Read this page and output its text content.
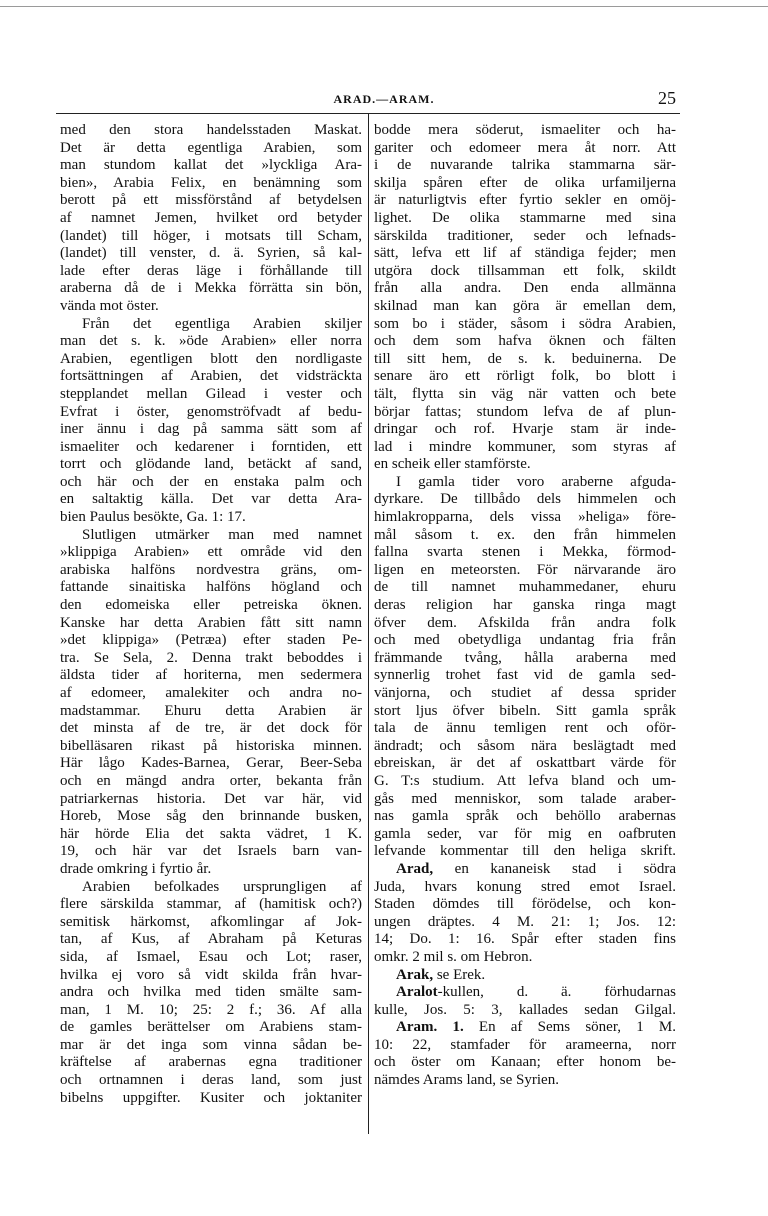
ARAD.—ARAM.	25
med den stora handelsstaden Maskat.
Det är detta egentliga Arabien, som
man stundom kallat det »lyckliga Ara-
bien», Arabia Felix, en benämning som
berott på ett missförstånd af betydelsen
af namnet Jemen, hvilket ord betyder
(landet) till höger, i motsats till Scham,
(landet) till venster, d. ä. Syrien, så kal-
lade efter deras läge i förhållande till
araberna då de i Mekka förrätta sin bön,
vända mot öster.
Från det egentliga Arabien skiljer
man det s. k. »öde Arabien» eller norra
Arabien, egentligen blott den nordligaste
fortsättningen af Arabien, det vidsträckta
stepplandet mellan Gilead i vester och
Evfrat i öster, genomströfvadt af bedu-
iner ännu i dag på samma sätt som af
ismaeliter och kedarener i forntiden, ett
torrt och glödande land, betäckt af sand,
och här och der en enstaka palm och
en saltaktig källa. Det var detta Ara-
bien Paulus besökte, Ga. 1: 17.
Slutligen utmärker man med namnet
»klippiga Arabien» ett område vid den
arabiska halföns nordvestra gräns, om-
fattande sinaitiska halföns högland och
den edomeiska eller petreiska öknen.
Kanske har detta Arabien fått sitt namn
»det klippiga» (Petræa) efter staden Pe-
tra. Se Sela, 2. Denna trakt beboddes i
äldsta tider af horiterna, men sedermera
af edomeer, amalekiter och andra no-
madstammar. Ehuru detta Arabien är
det minsta af de tre, är det dock för
bibelläsaren rikast på historiska minnen.
Här lågo Kades-Barnea, Gerar, Beer-Seba
och en mängd andra orter, bekanta från
patriarkernas historia. Det var här, vid
Horeb, Mose såg den brinnande busken,
här hörde Elia det sakta vädret, 1 K.
19, och här var det Israels barn van-
drade omkring i fyrtio år.
Arabien befolkades ursprungligen af
flere särskilda stammar, af (hamitisk och?)
semitisk härkomst, afkomlingar af Jok-
tan, af Kus, af Abraham på Keturas
sida, af Ismael, Esau och Lot; raser,
hvilka ej voro så vidt skilda från hvar-
andra och hvilka med tiden smälte sam-
man, 1 M. 10; 25: 2 f.; 36. Af alla
de gamles berättelser om Arabiens stam-
mar är det inga som vinna sådan be-
kräftelse af arabernas egna traditioner
och ortnamnen i deras land, som just
bibelns uppgifter. Kusiter och joktaniter
bodde mera söderut, ismaeliter och ha-
gariter och edomeer mera åt norr. Att
i de nuvarande talrika stammarna sär-
skilja spåren efter de olika urfamiljerna
är naturligtvis efter fyrtio sekler en omöj-
lighet. De olika stammarne med sina
särskilda traditioner, seder och lefnads-
sätt, lefva ett lif af ständiga fejder; men
utgöra dock tillsamman ett folk, skildt
från alla andra. Den enda allmänna
skilnad man kan göra är emellan dem,
som bo i städer, såsom i södra Arabien,
och dem som hafva öknen och fälten
till sitt hem, de s. k. beduinerna. De
senare äro ett rörligt folk, bo blott i
tält, flytta sin väg när vatten och bete
börjar fattas; stundom lefva de af plun-
dringar och rof. Hvarje stam är inde-
lad i mindre kommuner, som styras af
en scheik eller stamförste.
I gamla tider voro araberne afguda-
dyrkare. De tillbådo dels himmelen och
himlakropparna, dels vissa »heliga» före-
mål såsom t. ex. den från himmelen
fallna svarta stenen i Mekka, förmod-
ligen en meteorsten. För närvarande äro
de till namnet muhammedaner, ehuru
deras religion har ganska ringa magt
öfver dem. Afskilda från andra folk
och med obetydliga undantag fria från
främmande tvång, hålla araberna med
synnerlig trohet fast vid de gamla sed-
vänjorna, och studiet af dessa sprider
stort ljus öfver bibeln. Sitt gamla språk
tala de ännu temligen rent och oför-
ändradt; och såsom nära beslägtadt med
ebreiskan, är det af oskattbart värde för
G. T:s studium. Att lefva bland och um-
gås med menniskor, som talade araber-
nas gamla språk och behöllo arabernas
gamla seder, var för mig en oafbruten
lefvande kommentar till den heliga skrift.
Arad, en kananeisk stad i södra
Juda, hvars konung stred emot Israel.
Staden dömdes till förödelse, och kon-
ungen dräptes. 4 M. 21: 1; Jos. 12:
14; Do. 1: 16. Spår efter staden fins
omkr. 2 mil s. om Hebron.
Arak, se Erek.
Aralot-kullen, d. ä. förhudarnas
kulle, Jos. 5: 3, kallades sedan Gilgal.
Aram. 1. En af Sems söner, 1 M.
10: 22, stamfader för arameerna, norr
och öster om Kanaan; efter honom be-
nämdes Arams land, se Syrien.
